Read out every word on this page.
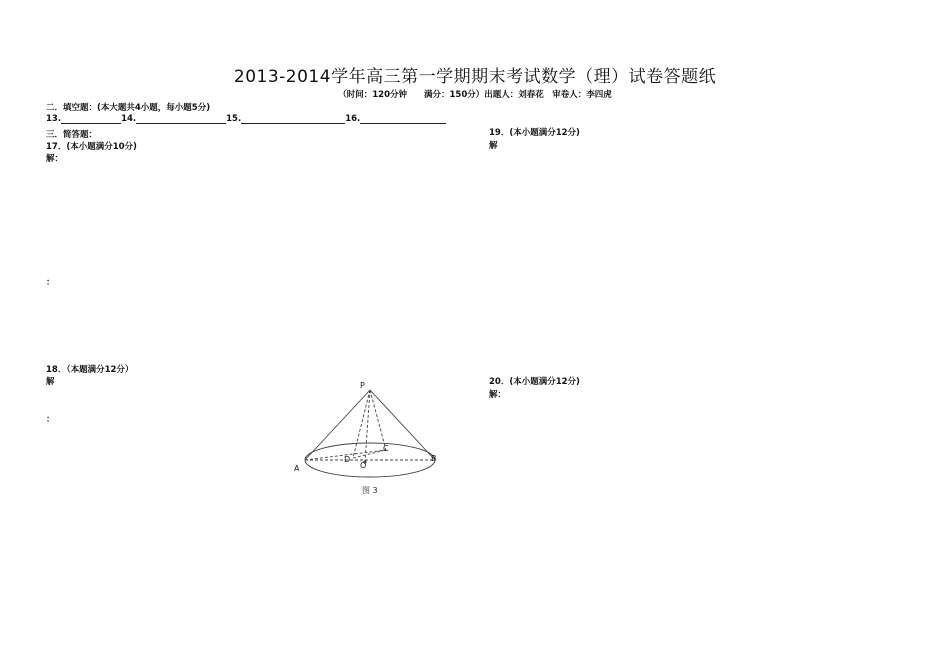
2013-2014学年高三第一学期期末考试数学（理）试卷答题纸
（时间：120分钟　　满分：150分）出题人：刘春花　审卷人：李四虎
二．填空题：(本大题共4小题，每小题5分)
13.	14.	15.	16.
三．简答题：
17．(本小题满分10分)
解：
：
18．（本题满分12分）
解
：
19．(本小题满分12分)
解
20．(本小题满分12分)
解：
P
A
B
C
D
O
图 3
